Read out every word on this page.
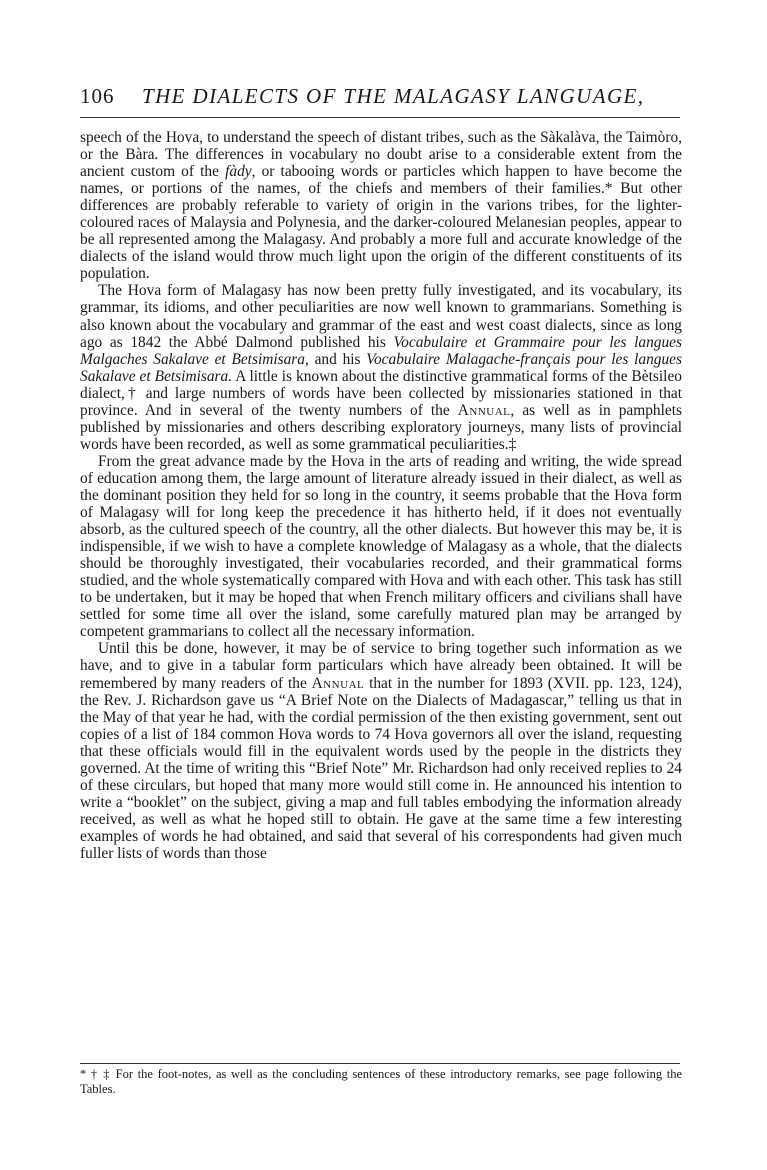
106 THE DIALECTS OF THE MALAGASY LANGUAGE,

speech of the Hova, to understand the speech of distant tribes, such as the Sàkalàva, the Taimòro, or the Bàra. The differences in vocabulary no doubt arise to a considerable extent from the ancient custom of the fàdy, or tabooing words or particles which happen to have become the names, or portions of the names, of the chiefs and members of their families.* But other differences are probably referable to variety of origin in the varions tribes, for the lighter-coloured races of Malaysia and Polynesia, and the darker-coloured Melanesian peoples, appear to be all represented among the Malagasy. And probably a more full and accurate knowledge of the dialects of the island would throw much light upon the origin of the different constituents of its population.

The Hova form of Malagasy has now been pretty fully investigated, and its vocabulary, its grammar, its idioms, and other peculiarities are now well known to grammarians. Something is also known about the vocabulary and grammar of the east and west coast dialects, since as long ago as 1842 the Abbé Dalmond published his Vocabulaire et Grammaire pour les langues Malgaches Sakalave et Betsimisara, and his Vocabulaire Malagache-français pour les langues Sakalave et Betsimisara. A little is known about the distinctive grammatical forms of the Bètsileo dialect,† and large numbers of words have been collected by missionaries stationed in that province. And in several of the twenty numbers of the Annual, as well as in pamphlets published by missionaries and others describing exploratory journeys, many lists of provincial words have been recorded, as well as some grammatical peculiarities.‡

From the great advance made by the Hova in the arts of reading and writing, the wide spread of education among them, the large amount of literature already issued in their dialect, as well as the dominant position they held for so long in the country, it seems probable that the Hova form of Malagasy will for long keep the precedence it has hitherto held, if it does not eventually absorb, as the cultured speech of the country, all the other dialects. But however this may be, it is indispensible, if we wish to have a complete knowledge of Malagasy as a whole, that the dialects should be thoroughly investigated, their vocabularies recorded, and their grammatical forms studied, and the whole systematically compared with Hova and with each other. This task has still to be undertaken, but it may be hoped that when French military officers and civilians shall have settled for some time all over the island, some carefully matured plan may be arranged by competent grammarians to collect all the necessary information.

Until this be done, however, it may be of service to bring together such information as we have, and to give in a tabular form particulars which have already been obtained. It will be remembered by many readers of the Annual that in the number for 1893 (XVII. pp. 123, 124), the Rev. J. Richardson gave us “A Brief Note on the Dialects of Madagascar,” telling us that in the May of that year he had, with the cordial permission of the then existing government, sent out copies of a list of 184 common Hova words to 74 Hova governors all over the island, requesting that these officials would fill in the equivalent words used by the people in the districts they governed. At the time of writing this “Brief Note” Mr. Richardson had only received replies to 24 of these circulars, but hoped that many more would still come in. He announced his intention to write a “booklet” on the subject, giving a map and full tables embodying the information already received, as well as what he hoped still to obtain. He gave at the same time a few interesting examples of words he had obtained, and said that several of his correspondents had given much fuller lists of words than those

* † ‡ For the foot-notes, as well as the concluding sentences of these introductory remarks, see page following the Tables.
